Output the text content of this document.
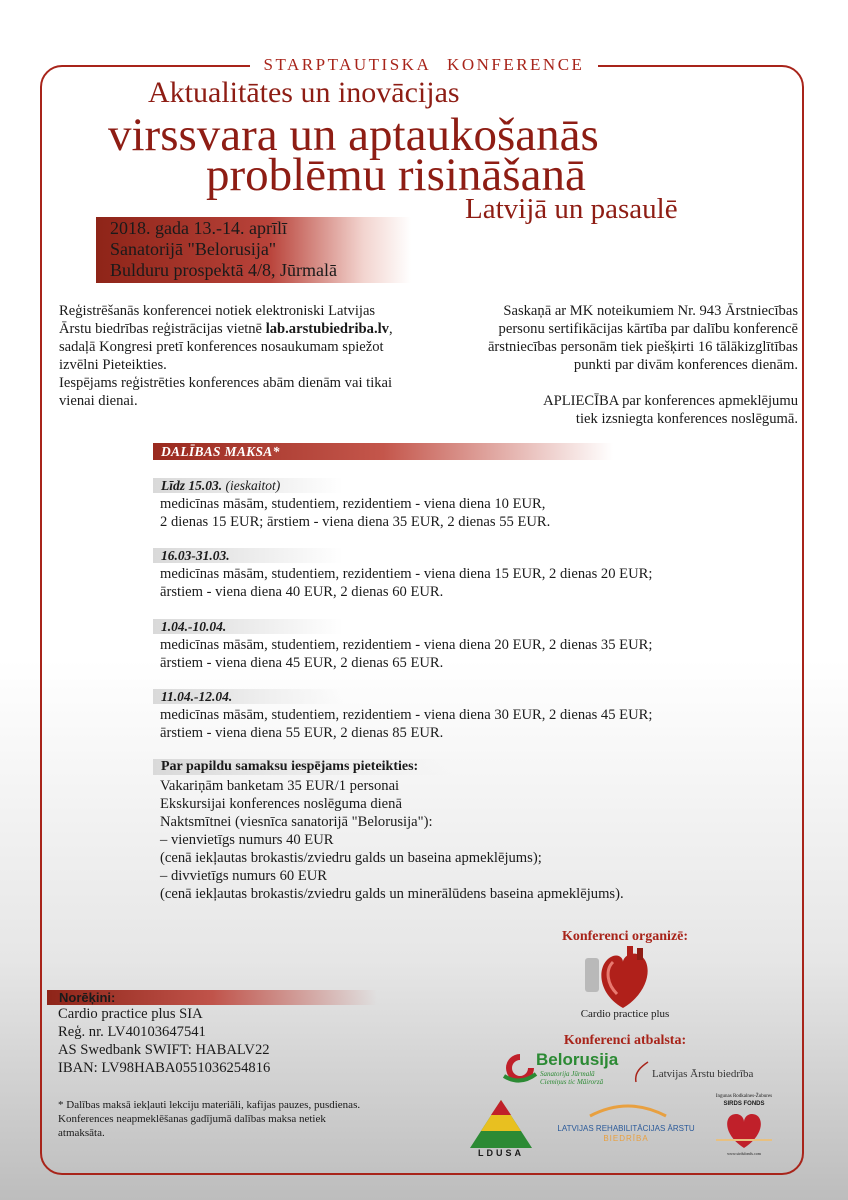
STARPTAUTISKA KONFERENCE
Aktualitātes un inovācijas
virssvara un aptaukošanās
problēmu risināšanā
Latvijā un pasaulē
2018. gada 13.-14. aprīlī
Sanatorijā "Belorusija"
Bulduru prospektā 4/8, Jūrmalā
Reģistrēšanās konferencei notiek elektroniski Latvijas
Ārstu biedrības reģistrācijas vietnē lab.arstubiedriba.lv,
sadaļā Kongresi pretī konferences nosaukumam spiežot
izvēlni Pieteikties.
Iespējams reģistrēties konferences abām dienām vai tikai
vienai dienai.
Saskaņā ar MK noteikumiem Nr. 943 Ārstniecības
personu sertifikācijas kārtība par dalību konferencē
ārstniecības personām tiek piešķirti 16 tālākizglītības
punkti par divām konferences dienām.
APLIECĪBA par konferences apmeklējumu
tiek izsniegta konferences noslēgumā.
DALĪBAS MAKSA*
Līdz 15.03. (ieskaitot)
medicīnas māsām, studentiem, rezidentiem - viena diena 10 EUR,
2 dienas 15 EUR; ārstiem - viena diena 35 EUR, 2 dienas 55 EUR.
16.03-31.03.
medicīnas māsām, studentiem, rezidentiem - viena diena 15 EUR, 2 dienas 20 EUR;
ārstiem - viena diena 40 EUR, 2 dienas 60 EUR.
1.04.-10.04.
medicīnas māsām, studentiem, rezidentiem - viena diena 20 EUR, 2 dienas 35 EUR;
ārstiem - viena diena 45 EUR, 2 dienas 65 EUR.
11.04.-12.04.
medicīnas māsām, studentiem, rezidentiem - viena diena 30 EUR, 2 dienas 45 EUR;
ārstiem - viena diena 55 EUR, 2 dienas 85 EUR.
Par papildu samaksu iespējams pieteikties:
Vakariņām banketam 35 EUR/1 personai
Ekskursijai konferences noslēguma dienā
Naktsmītnei (viesnīca sanatorijā "Belorusija"):
– vienvietīgs numurs 40 EUR
(cenā iekļautas brokastis/zviedru galds un baseina apmeklējums);
– divvietīgs numurs 60 EUR
(cenā iekļautas brokastis/zviedru galds un minerālūdens baseina apmeklējums).
Konferenci organizē:
Cardio practice plus
Konferenci atbalsta:
Belorusija
Sanatorija Jūrmalā
Ciemiņus tic Māirorzā
Latvijas Ārstu biedrība
LDUSA
LATVIJAS REHABILITĀCIJAS ĀRSTU
BIEDRĪBA
Ingunas Rodkalnes-Žubures
SIRDS FONDS
www.sirdsfonds.com
Norēķini:
Cardio practice plus SIA
Reģ. nr. LV40103647541
AS Swedbank SWIFT: HABALV22
IBAN: LV98HABA0551036254816
* Dalības maksā iekļauti lekciju materiāli, kafijas pauzes, pusdienas.
Konferences neapmeklēšanas gadījumā dalības maksa netiek
atmaksāta.
